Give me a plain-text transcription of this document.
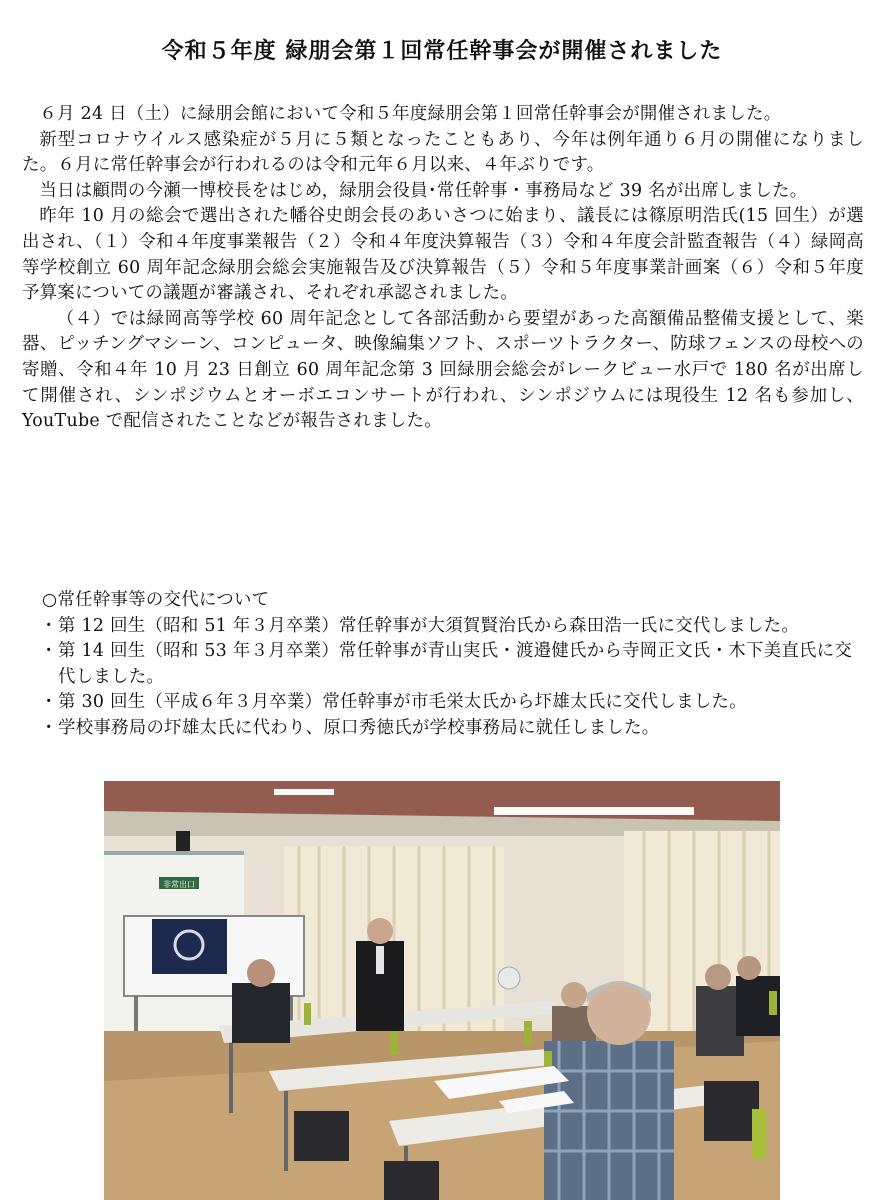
令和５年度 緑朋会第１回常任幹事会が開催されました

６月 24 日（土）に緑朋会館において令和５年度緑朋会第１回常任幹事会が開催されました。

新型コロナウイルス感染症が５月に５類となったこともあり、今年は例年通り６月の開催になりました。６月に常任幹事会が行われるのは令和元年６月以来、４年ぶりです。

当日は顧問の今瀬一博校長をはじめ，緑朋会役員･常任幹事・事務局など 39 名が出席しました。

昨年 10 月の総会で選出された幡谷史朗会長のあいさつに始まり、議長には篠原明浩氏(15 回生）が選出され、（１）令和４年度事業報告（２）令和４年度決算報告（３）令和４年度会計監査報告（４）緑岡高等学校創立 60 周年記念緑朋会総会実施報告及び決算報告（５）令和５年度事業計画案（６）令和５年度予算案についての議題が審議され、それぞれ承認されました。

（４）では緑岡高等学校 60 周年記念として各部活動から要望があった高額備品整備支援として、楽器、ピッチングマシーン、コンピュータ、映像編集ソフト、スポーツトラクター、防球フェンスの母校への寄贈、令和４年 10 月 23 日創立 60 周年記念第 3 回緑朋会総会がレークビュー水戸で 180 名が出席して開催され、シンポジウムとオーボエコンサートが行われ、シンポジウムには現役生 12 名も参加し、YouTube で配信されたことなどが報告されました。

○常任幹事等の交代について
・ 第 12 回生（昭和 51 年３月卒業）常任幹事が大須賀賢治氏から森田浩一氏に交代しました。
・ 第 14 回生（昭和 53 年３月卒業）常任幹事が青山実氏・渡邉健氏から寺岡正文氏・木下美直氏に交代しました。
・ 第 30 回生（平成６年３月卒業）常任幹事が市毛栄太氏から圷雄太氏に交代しました。
・ 学校事務局の圷雄太氏に代わり、原口秀徳氏が学校事務局に就任しました。
非常出口
